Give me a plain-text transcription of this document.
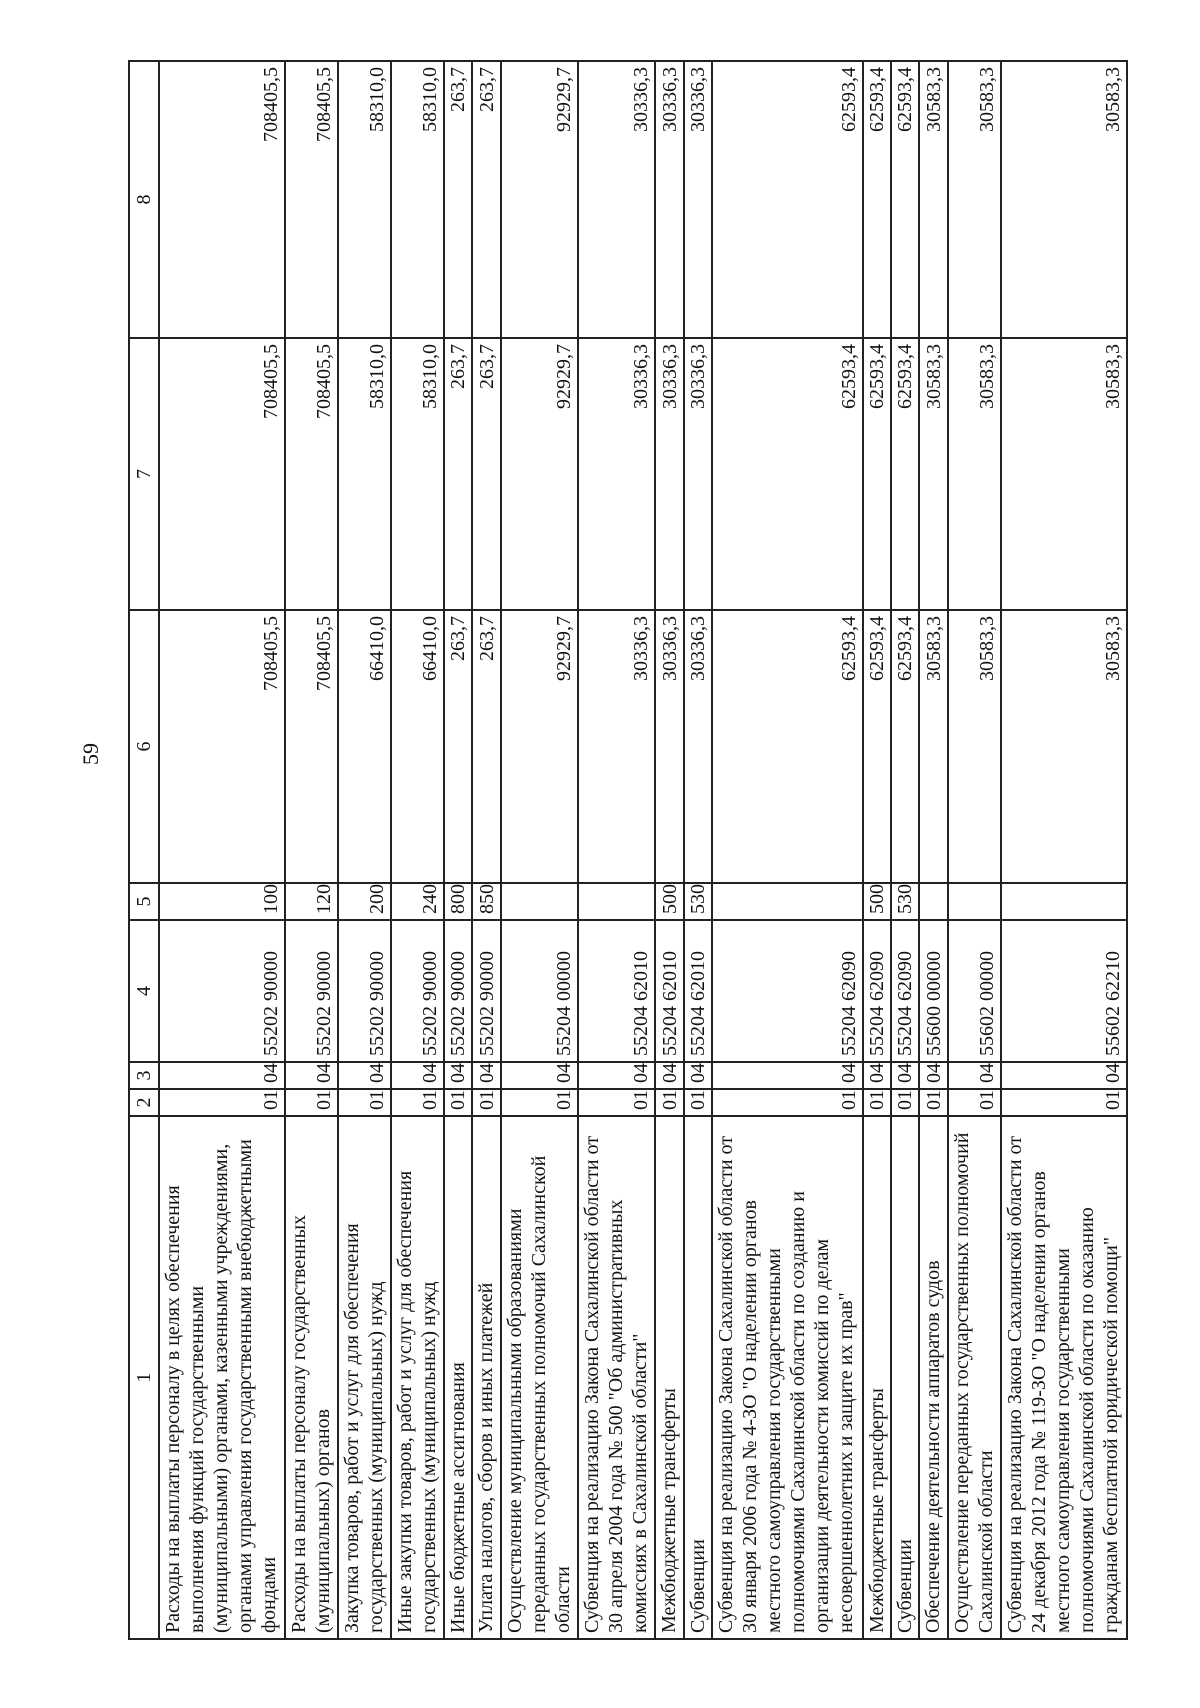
59
1	2	3	4	5	6	7	8
Расходы на выплаты персоналу в целях обеспечения выполнения функций государственными (муниципальными) органами, казенными учреждениями, органами управления государственными внебюджетными фондами	01	04	55202 90000	100	708405,5	708405,5	708405,5
Расходы на выплаты персоналу государственных (муниципальных) органов	01	04	55202 90000	120	708405,5	708405,5	708405,5
Закупка товаров, работ и услуг для обеспечения государственных (муниципальных) нужд	01	04	55202 90000	200	66410,0	58310,0	58310,0
Иные закупки товаров, работ и услуг для обеспечения государственных (муниципальных) нужд	01	04	55202 90000	240	66410,0	58310,0	58310,0
Иные бюджетные ассигнования	01	04	55202 90000	800	263,7	263,7	263,7
Уплата налогов, сборов и иных платежей	01	04	55202 90000	850	263,7	263,7	263,7
Осуществление муниципальными образованиями переданных государственных полномочий Сахалинской области	01	04	55204 00000		92929,7	92929,7	92929,7
Субвенция на реализацию Закона Сахалинской области от 30 апреля 2004 года № 500 "Об административных комиссиях в Сахалинской области"	01	04	55204 62010		30336,3	30336,3	30336,3
Межбюджетные трансферты	01	04	55204 62010	500	30336,3	30336,3	30336,3
Субвенции	01	04	55204 62010	530	30336,3	30336,3	30336,3
Субвенция на реализацию Закона Сахалинской области от 30 января 2006 года № 4-ЗО "О наделении органов местного самоуправления государственными полномочиями Сахалинской области по созданию и организации деятельности комиссий по делам несовершеннолетних и защите их прав"	01	04	55204 62090		62593,4	62593,4	62593,4
Межбюджетные трансферты	01	04	55204 62090	500	62593,4	62593,4	62593,4
Субвенции	01	04	55204 62090	530	62593,4	62593,4	62593,4
Обеспечение деятельности аппаратов судов	01	04	55600 00000		30583,3	30583,3	30583,3
Осуществление переданных государственных полномочий Сахалинской области	01	04	55602 00000		30583,3	30583,3	30583,3
Субвенция на реализацию Закона Сахалинской области от 24 декабря 2012 года № 119-ЗО "О наделении органов местного самоуправления государственными полномочиями Сахалинской области по оказанию гражданам бесплатной юридической помощи"	01	04	55602 62210		30583,3	30583,3	30583,3
